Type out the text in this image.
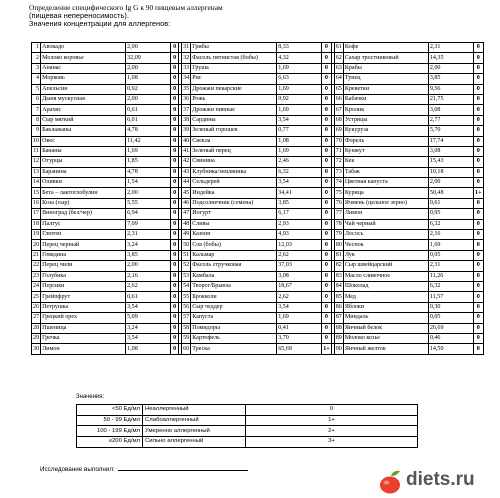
Определение специфического Ig G к 90 пищевым аллергенам
(пищевая непереносимость).
Значения концентрации для аллергенов:
1	Авокадо	2,00	0		31	Грибы	8,33	0		61	Кофе	2,31	0
2	Молоко коровье	32,09	0		32	Фасоль пятнистая (бобы)	4,32	0		62	Сахар тростниковый	14,35	0
3	Ананас	2,00	0		33	Груша	1,69	0		63	Крабы	2,00	0
4	Морковь	1,08	0		34	Рис	6,63	0		64	Тунец	3,85	0
5	Апельсин	0,92	0		35	Дрожжи пекарские	1,69	0		65	Креветки	9,56	0
6	Дыня мускусная	2,00	0		36	Рожь	0,92	0		66	Кабачки	21,75	0
7	Арахис	0,61	0		37	Дрожжи пивные	1,69	0		67	Кролик	3,08	0
8	Сыр мягкий	6,01	0		38	Сардины	3,54	0		68	Устрицы	2,77	0
9	Баклажаны	4,78	0		39	Зеленый горошек	0,77	0		69	Кукуруза	5,70	0
10	Овес	11,42	0		40	Свекла	1,08	0		70	Форель	17,74	0
11	Бананы	1,69	0		41	Зеленый перец	1,69	0		71	Кунжут	3,08	0
12	Огурцы	1,85	0		42	Свинина	2,46	0		72	Кек	15,43	0
13	Баранина	4,78	0		43	Клубника/земляника	6,32	0		73	Табак	10,18	0
14	Оливки	1,54	0		44	Сельдерей	3,54	0		74	Цветная капуста	2,00	0
15	Бета – лактоглобулин	2,00	0		45	Индейка	34,41	0		75	Курица	50,48	1+
16	Коза (сыр)	5,55	0		46	Подсолнечник (семена)	3,85	0		76	Ячмень (цельное зерно)	0,61	0
17	Виноград (бел/чер)	6,94	0		47	Йогурт	6,17	0		77	Лимон	0,95	0
18	Палтус	7,09	0		48	Сливы	2,93	0		78	Чай черный	6,32	0
19	Глютен	2,31	0		49	Казеин	4,93	0		79	Лосось	2,16	0
20	Перец черный	3,24	0		50	Соя (бобы)	12,03	0		80	Чеснок	1,69	0
21	Говядина	3,85	0		51	Кальмар	2,62	0		81	Лук	0,05	0
22	Перец чили	2,00	0		52	Фасоль стручковая	37,03	0		82	Сыр швейцарский	2,31	0
23	Голубика	2,16	0		53	Камбала	3,08	0		83	Масло сливочное	11,26	0
24	Персики	2,62	0		54	Творог/Брынза	18,67	0		84	Шоколад	6,32	0
25	Грейпфрут	0,61	0		55	Брокколи	2,62	0		85	Мед	11,57	0
26	Петрушка	3,54	0		56	Сыр чеддер	3,54	0		86	Яблоки	0,30	0
27	Грецкий орех	5,09	0		57	Капуста	1,69	0		87	Миндаль	0,05	0
28	Пшеница	3,24	0		58	Помидоры	0,41	0		88	Яичный белок	26,69	0
29	Гречка	3,54	0		59	Картофель	3,70	0		89	Молоко козье	0,46	0
30	Лимон	1,08	0		60	Треска	65,69	1+		90	Яичный желток	14,50	0
Значения:
<50 Ед/мл	Неаллергенный	0
50 - 99 Ед/мл	Слабоаллергенный	1+
100 - 199 Ед/мл	Умеренно аллергенный	2+
≥200 Ед/мл	Сильно аллергенный	3+
Исследование выполнил:	diets.ru
